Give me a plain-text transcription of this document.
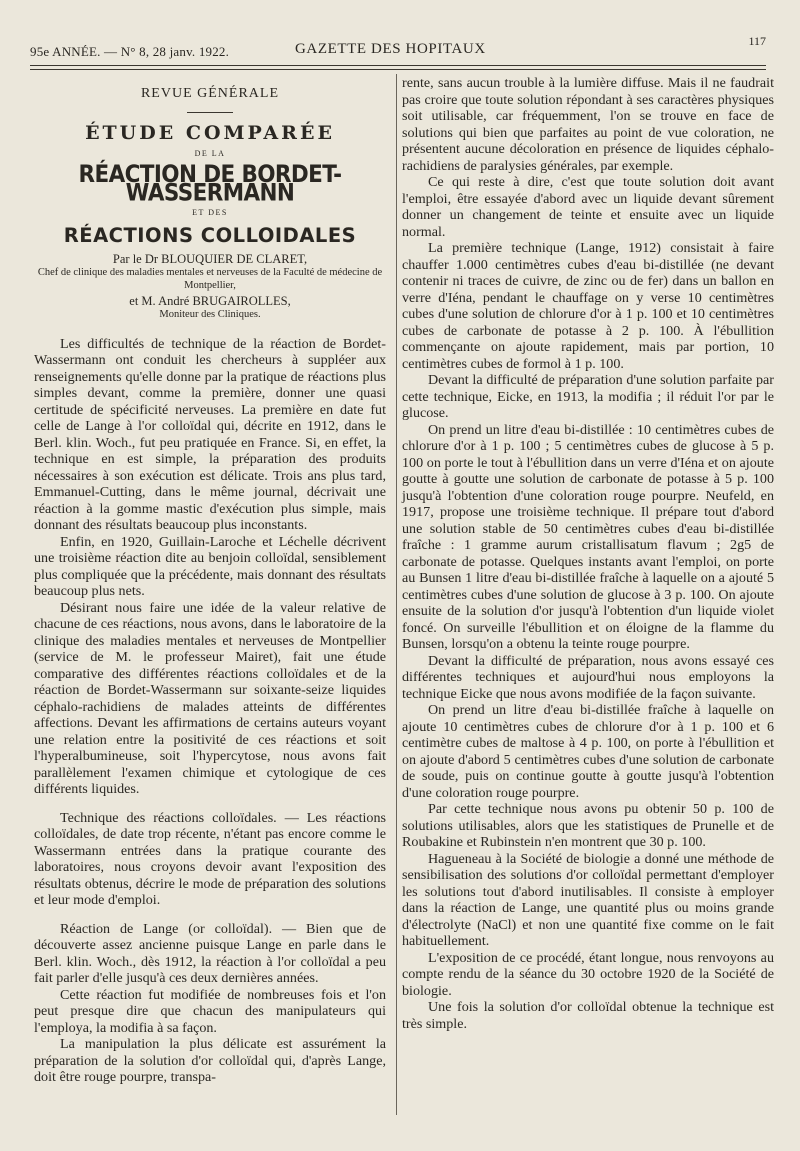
95e ANNÉE. — N° 8, 28 janv. 1922.	GAZETTE DES HOPITAUX	117
REVUE GÉNÉRALE
ÉTUDE COMPARÉE
DE LA
RÉACTION DE BORDET-WASSERMANN
ET DES
RÉACTIONS COLLOIDALES
Par le Dr BLOUQUIER DE CLARET,
Chef de clinique des maladies mentales et nerveuses de la Faculté de médecine de Montpellier,
et M. André BRUGAIROLLES,
Moniteur des Cliniques.

Les difficultés de technique de la réaction de Bordet-Wassermann ont conduit les chercheurs à suppléer aux renseignements qu'elle donne par la pratique de réactions plus simples devant, comme la première, donner une quasi certitude de spécificité nerveuses. La première en date fut celle de Lange à l'or colloïdal qui, décrite en 1912, dans le Berl. klin. Woch., fut peu pratiquée en France. Si, en effet, la technique en est simple, la préparation des produits nécessaires à son exécution est délicate. Trois ans plus tard, Emmanuel-Cutting, dans le même journal, décrivait une réaction à la gomme mastic d'exécution plus simple, mais donnant des résultats beaucoup plus inconstants.

Enfin, en 1920, Guillain-Laroche et Léchelle décrivent une troisième réaction dite au benjoin colloïdal, sensiblement plus compliquée que la précédente, mais donnant des résultats beaucoup plus nets.

Désirant nous faire une idée de la valeur relative de chacune de ces réactions, nous avons, dans le laboratoire de la clinique des maladies mentales et nerveuses de Montpellier (service de M. le professeur Mairet), fait une étude comparative des différentes réactions colloïdales et de la réaction de Bordet-Wassermann sur soixante-seize liquides céphalo-rachidiens de malades atteints de différentes affections. Devant les affirmations de certains auteurs voyant une relation entre la positivité de ces réactions et soit l'hyperalbumineuse, soit l'hypercytose, nous avons fait parallèlement l'examen chimique et cytologique de ces différents liquides.

Technique des réactions colloïdales. — Les réactions colloïdales, de date trop récente, n'étant pas encore comme le Wassermann entrées dans la pratique courante des laboratoires, nous croyons devoir avant l'exposition des résultats obtenus, décrire le mode de préparation des solutions et leur mode d'emploi.

Réaction de Lange (or colloïdal). — Bien que de découverte assez ancienne puisque Lange en parle dans le Berl. klin. Woch., dès 1912, la réaction à l'or colloïdal a peu fait parler d'elle jusqu'à ces deux dernières années.

Cette réaction fut modifiée de nombreuses fois et l'on peut presque dire que chacun des manipulateurs qui l'employa, la modifia à sa façon.

La manipulation la plus délicate est assurément la préparation de la solution d'or colloïdal qui, d'après Lange, doit être rouge pourpre, transpa-

rente, sans aucun trouble à la lumière diffuse. Mais il ne faudrait pas croire que toute solution répondant à ses caractères physiques soit utilisable, car fréquemment, l'on se trouve en face de solutions qui bien que parfaites au point de vue coloration, ne présentent aucune décoloration en présence de liquides céphalo-rachidiens de paralysies générales, par exemple.

Ce qui reste à dire, c'est que toute solution doit avant l'emploi, être essayée d'abord avec un liquide devant sûrement donner un changement de teinte et ensuite avec un liquide normal.

La première technique (Lange, 1912) consistait à faire chauffer 1.000 centimètres cubes d'eau bi-distillée (ne devant contenir ni traces de cuivre, de zinc ou de fer) dans un ballon en verre d'Iéna, pendant le chauffage on y verse 10 centimètres cubes d'une solution de chlorure d'or à 1 p. 100 et 10 centimètres cubes de carbonate de potasse à 2 p. 100. À l'ébullition commençante on ajoute rapidement, mais par portion, 10 centimètres cubes de formol à 1 p. 100.

Devant la difficulté de préparation d'une solution parfaite par cette technique, Eicke, en 1913, la modifia ; il réduit l'or par le glucose.

On prend un litre d'eau bi-distillée : 10 centimètres cubes de chlorure d'or à 1 p. 100 ; 5 centimètres cubes de glucose à 5 p. 100 on porte le tout à l'ébullition dans un verre d'Iéna et on ajoute goutte à goutte une solution de carbonate de potasse à 5 p. 100 jusqu'à l'obtention d'une coloration rouge pourpre. Neufeld, en 1917, propose une troisième technique. Il prépare tout d'abord une solution stable de 50 centimètres cubes d'eau bi-distillée fraîche : 1 gramme aurum cristallisatum flavum ; 2g5 de carbonate de potasse. Quelques instants avant l'emploi, on porte au Bunsen 1 litre d'eau bi-distillée fraîche à laquelle on a ajouté 5 centimètres cubes d'une solution de glucose à 3 p. 100. On ajoute ensuite de la solution d'or jusqu'à l'obtention d'un liquide violet foncé. On surveille l'ébullition et on éloigne de la flamme du Bunsen, lorsqu'on a obtenu la teinte rouge pourpre.

Devant la difficulté de préparation, nous avons essayé ces différentes techniques et aujourd'hui nous employons la technique Eicke que nous avons modifiée de la façon suivante.

On prend un litre d'eau bi-distillée fraîche à laquelle on ajoute 10 centimètres cubes de chlorure d'or à 1 p. 100 et 6 centimètre cubes de maltose à 4 p. 100, on porte à l'ébullition et on ajoute d'abord 5 centimètres cubes d'une solution de carbonate de soude, puis on continue goutte à goutte jusqu'à l'obtention d'une coloration rouge pourpre.

Par cette technique nous avons pu obtenir 50 p. 100 de solutions utilisables, alors que les statistiques de Prunelle et de Roubakine et Rubinstein n'en montrent que 30 p. 100.

Hagueneau à la Société de biologie a donné une méthode de sensibilisation des solutions d'or colloïdal permettant d'employer les solutions tout d'abord inutilisables. Il consiste à employer dans la réaction de Lange, une quantité plus ou moins grande d'électrolyte (NaCl) et non une quantité fixe comme on le fait habituellement.

L'exposition de ce procédé, étant longue, nous renvoyons au compte rendu de la séance du 30 octobre 1920 de la Société de biologie.

Une fois la solution d'or colloïdal obtenue la technique est très simple.
